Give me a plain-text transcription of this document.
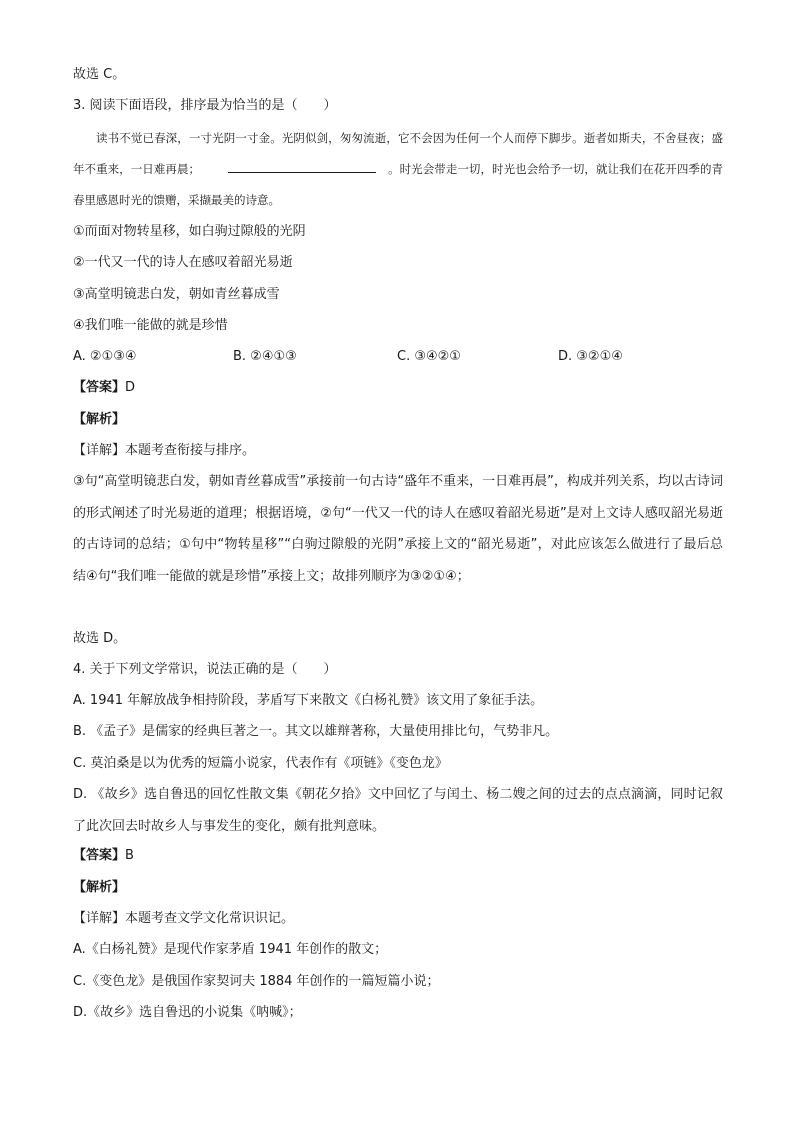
故选 C。
3. 阅读下面语段，排序最为恰当的是（　　）
读书不觉已春深，一寸光阴一寸金。光阴似剑，匆匆流逝，它不会因为任何一个人而停下脚步。逝者如斯夫，不舍昼夜；盛年不重来，一日难再晨；	。时光会带走一切，时光也会给予一切，就让我们在花开四季的青春里感恩时光的馈赠，采撷最美的诗意。
①而面对物转星移，如白驹过隙般的光阴
②一代又一代的诗人在感叹着韶光易逝
③高堂明镜悲白发，朝如青丝暮成雪
④我们唯一能做的就是珍惜
A. ②①③④	B. ②④①③	C. ③④②①	D. ③②①④
【答案】D
【解析】
【详解】本题考查衔接与排序。
③句“高堂明镜悲白发，朝如青丝暮成雪”承接前一句古诗“盛年不重来，一日难再晨”，构成并列关系，均以古诗词的形式阐述了时光易逝的道理；根据语境，②句“一代又一代的诗人在感叹着韶光易逝”是对上文诗人感叹韶光易逝的古诗词的总结；①句中“物转星移”“白驹过隙般的光阴”承接上文的“韶光易逝”，对此应该怎么做进行了最后总结④句“我们唯一能做的就是珍惜”承接上文；故排列顺序为③②①④；
故选 D。
4. 关于下列文学常识，说法正确的是（　　）
A. 1941 年解放战争相持阶段，茅盾写下来散文《白杨礼赞》该文用了象征手法。
B. 《孟子》是儒家的经典巨著之一。其文以雄辩著称，大量使用排比句，气势非凡。
C. 莫泊桑是以为优秀的短篇小说家，代表作有《项链》《变色龙》
D. 《故乡》选自鲁迅的回忆性散文集《朝花夕拾》文中回忆了与闰土、杨二嫂之间的过去的点点滴滴，同时记叙了此次回去时故乡人与事发生的变化，颇有批判意味。
【答案】B
【解析】
【详解】本题考查文学文化常识识记。
A.《白杨礼赞》是现代作家茅盾 1941 年创作的散文；
C.《变色龙》是俄国作家契诃夫 1884 年创作的一篇短篇小说；
D.《故乡》选自鲁迅的小说集《呐喊》；
